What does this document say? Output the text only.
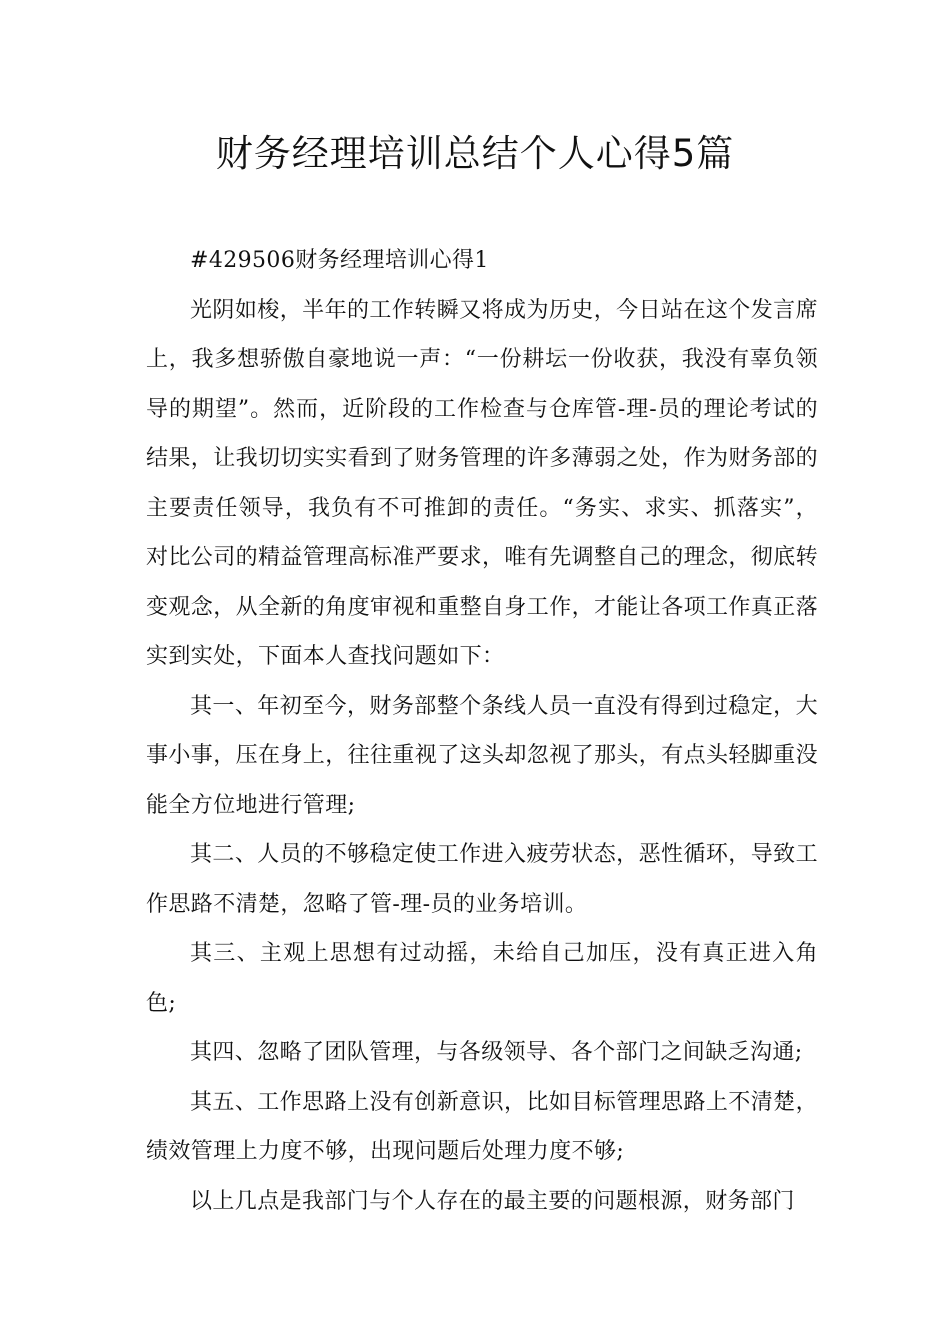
财务经理培训总结个人心得5篇

#429506财务经理培训心得1

光阴如梭，半年的工作转瞬又将成为历史，今日站在这个发言席上，我多想骄傲自豪地说一声：“一份耕坛一份收获，我没有辜负领导的期望”。然而，近阶段的工作检查与仓库管-理-员的理论考试的结果，让我切切实实看到了财务管理的许多薄弱之处，作为财务部的主要责任领导，我负有不可推卸的责任。“务实、求实、抓落实”，对比公司的精益管理高标准严要求，唯有先调整自己的理念，彻底转变观念，从全新的角度审视和重整自身工作，才能让各项工作真正落实到实处，下面本人查找问题如下：

其一、年初至今，财务部整个条线人员一直没有得到过稳定，大事小事，压在身上，往往重视了这头却忽视了那头，有点头轻脚重没能全方位地进行管理;

其二、人员的不够稳定使工作进入疲劳状态，恶性循环，导致工作思路不清楚，忽略了管-理-员的业务培训。

其三、主观上思想有过动摇，未给自己加压，没有真正进入角色;

其四、忽略了团队管理，与各级领导、各个部门之间缺乏沟通;

其五、工作思路上没有创新意识，比如目标管理思路上不清楚，绩效管理上力度不够，出现问题后处理力度不够;

以上几点是我部门与个人存在的最主要的问题根源，财务部门
